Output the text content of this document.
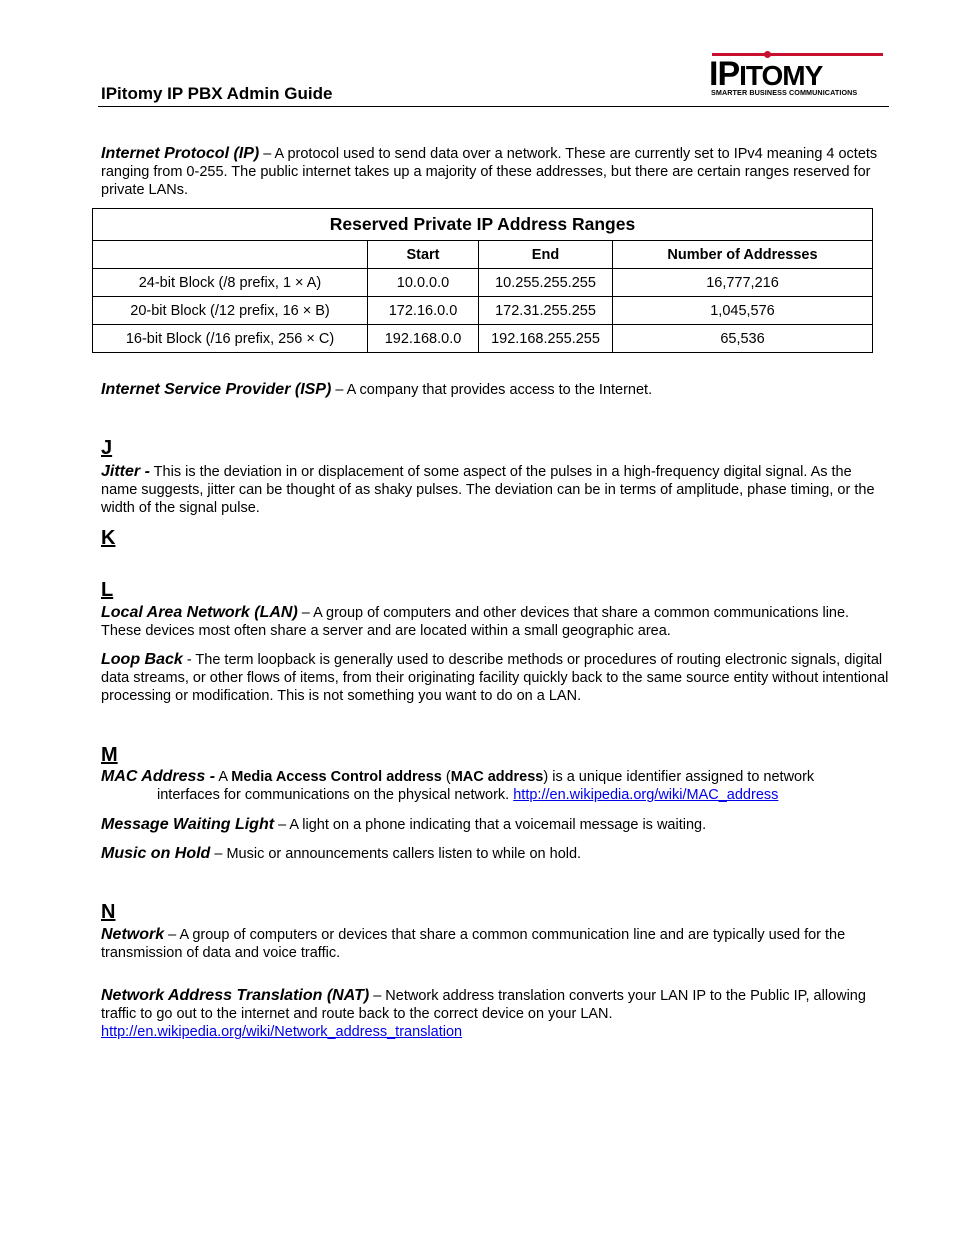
IPitomy IP PBX Admin Guide
IPITOMY
SMARTER BUSINESS COMMUNICATIONS
Internet Protocol (IP) – A protocol used to send data over a network. These are currently set to IPv4 meaning 4 octets ranging from 0-255. The public internet takes up a majority of these addresses, but there are certain ranges reserved for private LANs.
Reserved Private IP Address Ranges			
	Start	End	Number of Addresses
24-bit Block (/8 prefix, 1 × A)	10.0.0.0	10.255.255.255	16,777,216
20-bit Block (/12 prefix, 16 × B)	172.16.0.0	172.31.255.255	1,045,576
16-bit Block (/16 prefix, 256 × C)	192.168.0.0	192.168.255.255	65,536
Internet Service Provider (ISP) – A company that provides access to the Internet.
J
Jitter - This is the deviation in or displacement of some aspect of the pulses in a high-frequency digital signal. As the name suggests, jitter can be thought of as shaky pulses. The deviation can be in terms of amplitude, phase timing, or the width of the signal pulse.
K
L
Local Area Network (LAN) – A group of computers and other devices that share a common communications line. These devices most often share a server and are located within a small geographic area.
Loop Back - The term loopback is generally used to describe methods or procedures of routing electronic signals, digital data streams, or other flows of items, from their originating facility quickly back to the same source entity without intentional processing or modification. This is not something you want to do on a LAN.
M
MAC Address - A Media Access Control address (MAC address) is a unique identifier assigned to network
interfaces for communications on the physical network. http://en.wikipedia.org/wiki/MAC_address
Message Waiting Light – A light on a phone indicating that a voicemail message is waiting.
Music on Hold – Music or announcements callers listen to while on hold.
N
Network – A group of computers or devices that share a common communication line and are typically used for the transmission of data and voice traffic.
Network Address Translation (NAT) – Network address translation converts your LAN IP to the Public IP, allowing traffic to go out to the internet and route back to the correct device on your LAN.
http://en.wikipedia.org/wiki/Network_address_translation
